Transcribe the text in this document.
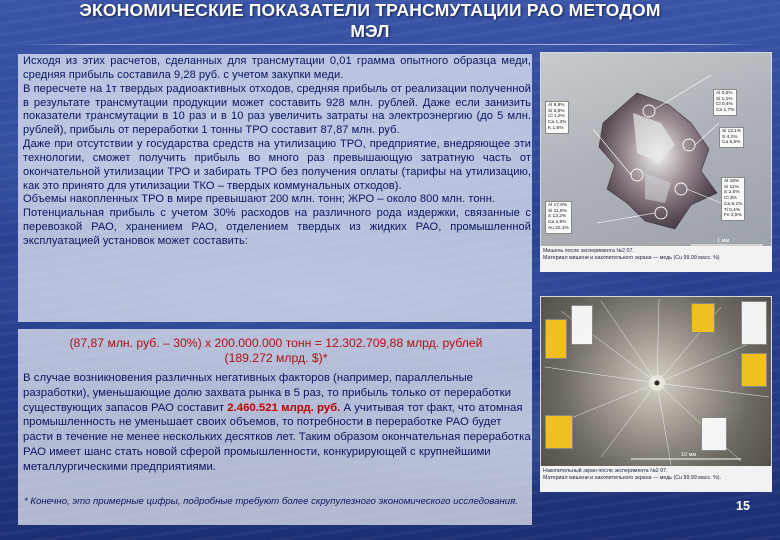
ЭКОНОМИЧЕСКИЕ ПОКАЗАТЕЛИ ТРАНСМУТАЦИИ РАО МЕТОДОМ
МЭЛ

Исходя из этих расчетов, сделанных для трансмутации 0,01 грамма опытного образца меди, средняя прибыль составила 9,28 руб. с учетом закупки меди.

В пересчете на 1т твердых радиоактивных отходов, средняя прибыль от реализации полученной в результате трансмутации продукции может составить 928 млн. рублей. Даже если занизить показатели трансмутации в 10 раз и в 10 раз увеличить затраты на электроэнергию (до 5 млн. рублей), прибыль от переработки 1 тонны ТРО составит 87,87 млн. руб.

Даже при отсутствии у государства средств на утилизацию ТРО, предприятие, внедряющее эти технологии, сможет получить прибыль во много раз превышающую затратную часть от окончательной утилизации ТРО и забирать ТРО без получения оплаты (тарифы на утилизацию, как это принято для утилизации ТКО – твердых коммунальных отходов).

Объемы накопленных ТРО в мире превышают 200 млн. тонн; ЖРО – около 800 млн. тонн.

Потенциальная прибыль с учетом 30% расходов на различного рода издержки, связанные с перевозкой РАО, хранением РАО, отделением твердых из жидких РАО, промышленной эксплуатацией установок может составить:

(87,87 млн. руб. – 30%) х 200.000.000 тонн = 12.302.709,88 млрд. рублей
(189.272 млрд. $)*
В случае возникновения различных негативных факторов (например, параллельные разработки), уменьшающие долю захвата рынка в 5 раз, то прибыль только от переработки существующих запасов РАО составит 2.460.521 млрд. руб. А учитывая тот факт, что атомная промышленность не уменьшает своих объемов, то потребности в переработке РАО будет расти в течение не менее нескольких десятков лет. Таким образом окончательная переработка РАО имеет шанс стать новой сферой промышленности, конкурирующей с крупнейшими металлургическими предприятиями.
* Конечно, это примерные цифры, подробные требуют более скрупулезного экономического исследования.	15
1 мм
Al 9,8%
Si 6,6%
Cl 1,2%
Ca 1,3%
K 1,6%
Al 17,6%
Si 11,9%
S 13,2%
Ca 2,8%
Au 22,1%
Al 0,5%
Si 1,1%
Cl 0,4%
Ca 1,7%
Si 12,1%
S 4,2%
Ca 5,5%
Al 18%
Si 11%
S 2,5%
Cl 3%
Ca 5,1%
Ti 0,4%
Fe 2,5%
Мишень после эксперимента №2 07.
Материал мишени и накопительного экрана — медь (Cu 99.99 масс. %)
10 мм
Накопительный экран после эксперимента №2 07.
Материал мишени и накопительного экрана — медь (Cu 99.99 масс. %).
